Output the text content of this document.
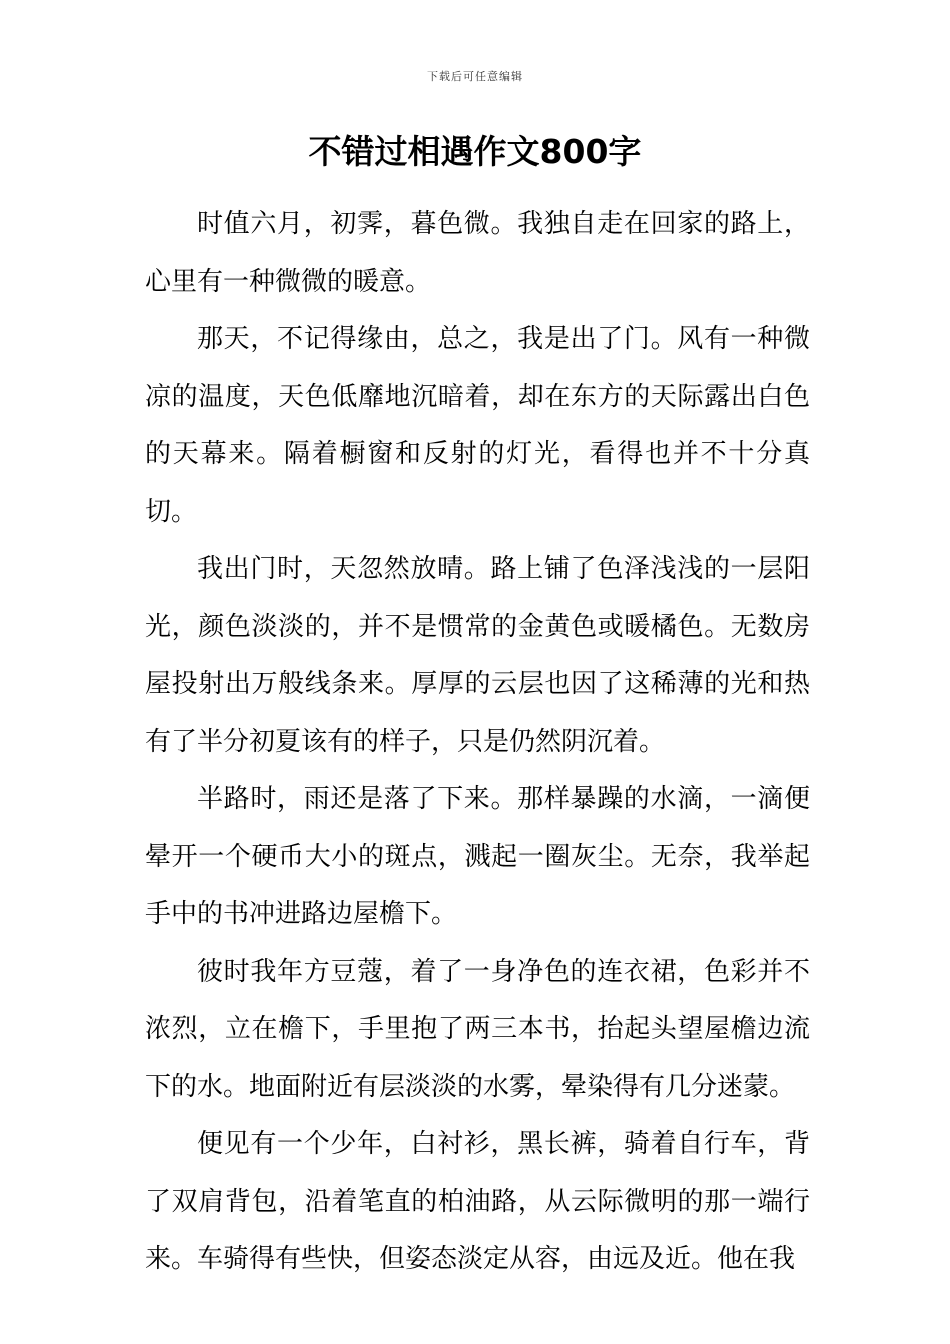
下载后可任意编辑
不错过相遇作文800字

时值六月，初霁，暮色微。我独自走在回家的路上，心里有一种微微的暖意。

那天，不记得缘由，总之，我是出了门。风有一种微凉的温度，天色低靡地沉暗着，却在东方的天际露出白色的天幕来。隔着橱窗和反射的灯光，看得也并不十分真切。

我出门时，天忽然放晴。路上铺了色泽浅浅的一层阳光，颜色淡淡的，并不是惯常的金黄色或暖橘色。无数房屋投射出万般线条来。厚厚的云层也因了这稀薄的光和热有了半分初夏该有的样子，只是仍然阴沉着。

半路时，雨还是落了下来。那样暴躁的水滴，一滴便晕开一个硬币大小的斑点，溅起一圈灰尘。无奈，我举起手中的书冲进路边屋檐下。

彼时我年方豆蔻，着了一身净色的连衣裙，色彩并不浓烈，立在檐下，手里抱了两三本书，抬起头望屋檐边流下的水。地面附近有层淡淡的水雾，晕染得有几分迷蒙。

便见有一个少年，白衬衫，黑长裤，骑着自行车，背了双肩背包，沿着笔直的柏油路，从云际微明的那一端行来。车骑得有些快，但姿态淡定从容，由远及近。他在我
